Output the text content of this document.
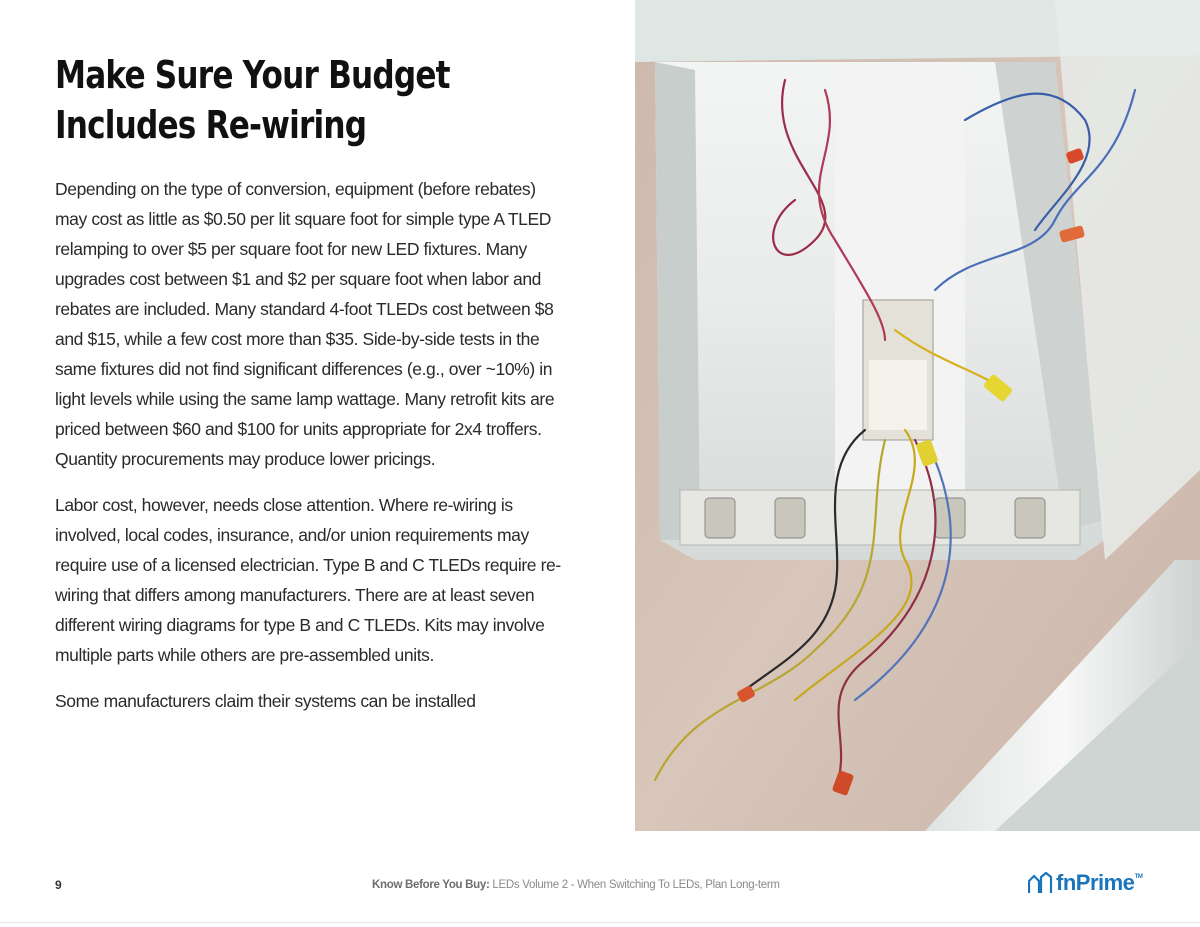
Make Sure Your Budget
Includes Re-wiring

Depending on the type of conversion, equipment (before rebates) may cost as little as $0.50 per lit square foot for simple type A TLED relamping to over $5 per square foot for new LED fixtures. Many upgrades cost between $1 and $2 per square foot when labor and rebates are included. Many standard 4-foot TLEDs cost between $8 and $15, while a few cost more than $35. Side-by-side tests in the same fixtures did not find significant differences (e.g., over ~10%) in light levels while using the same lamp wattage. Many retrofit kits are priced between $60 and $100 for units appropriate for 2x4 troffers. Quantity procurements may produce lower pricings.

Labor cost, however, needs close attention. Where re-wiring is involved, local codes, insurance, and/or union requirements may require use of a licensed electrician. Type B and C TLEDs require re-wiring that differs among manufacturers. There are at least seven different wiring diagrams for type B and C TLEDs. Kits may involve multiple parts while others are pre-assembled units.

Some manufacturers claim their systems can be installed

9	Know Before You Buy: LEDs Volume 2 - When Switching To LEDs, Plan Long-term	fnPrime TM
